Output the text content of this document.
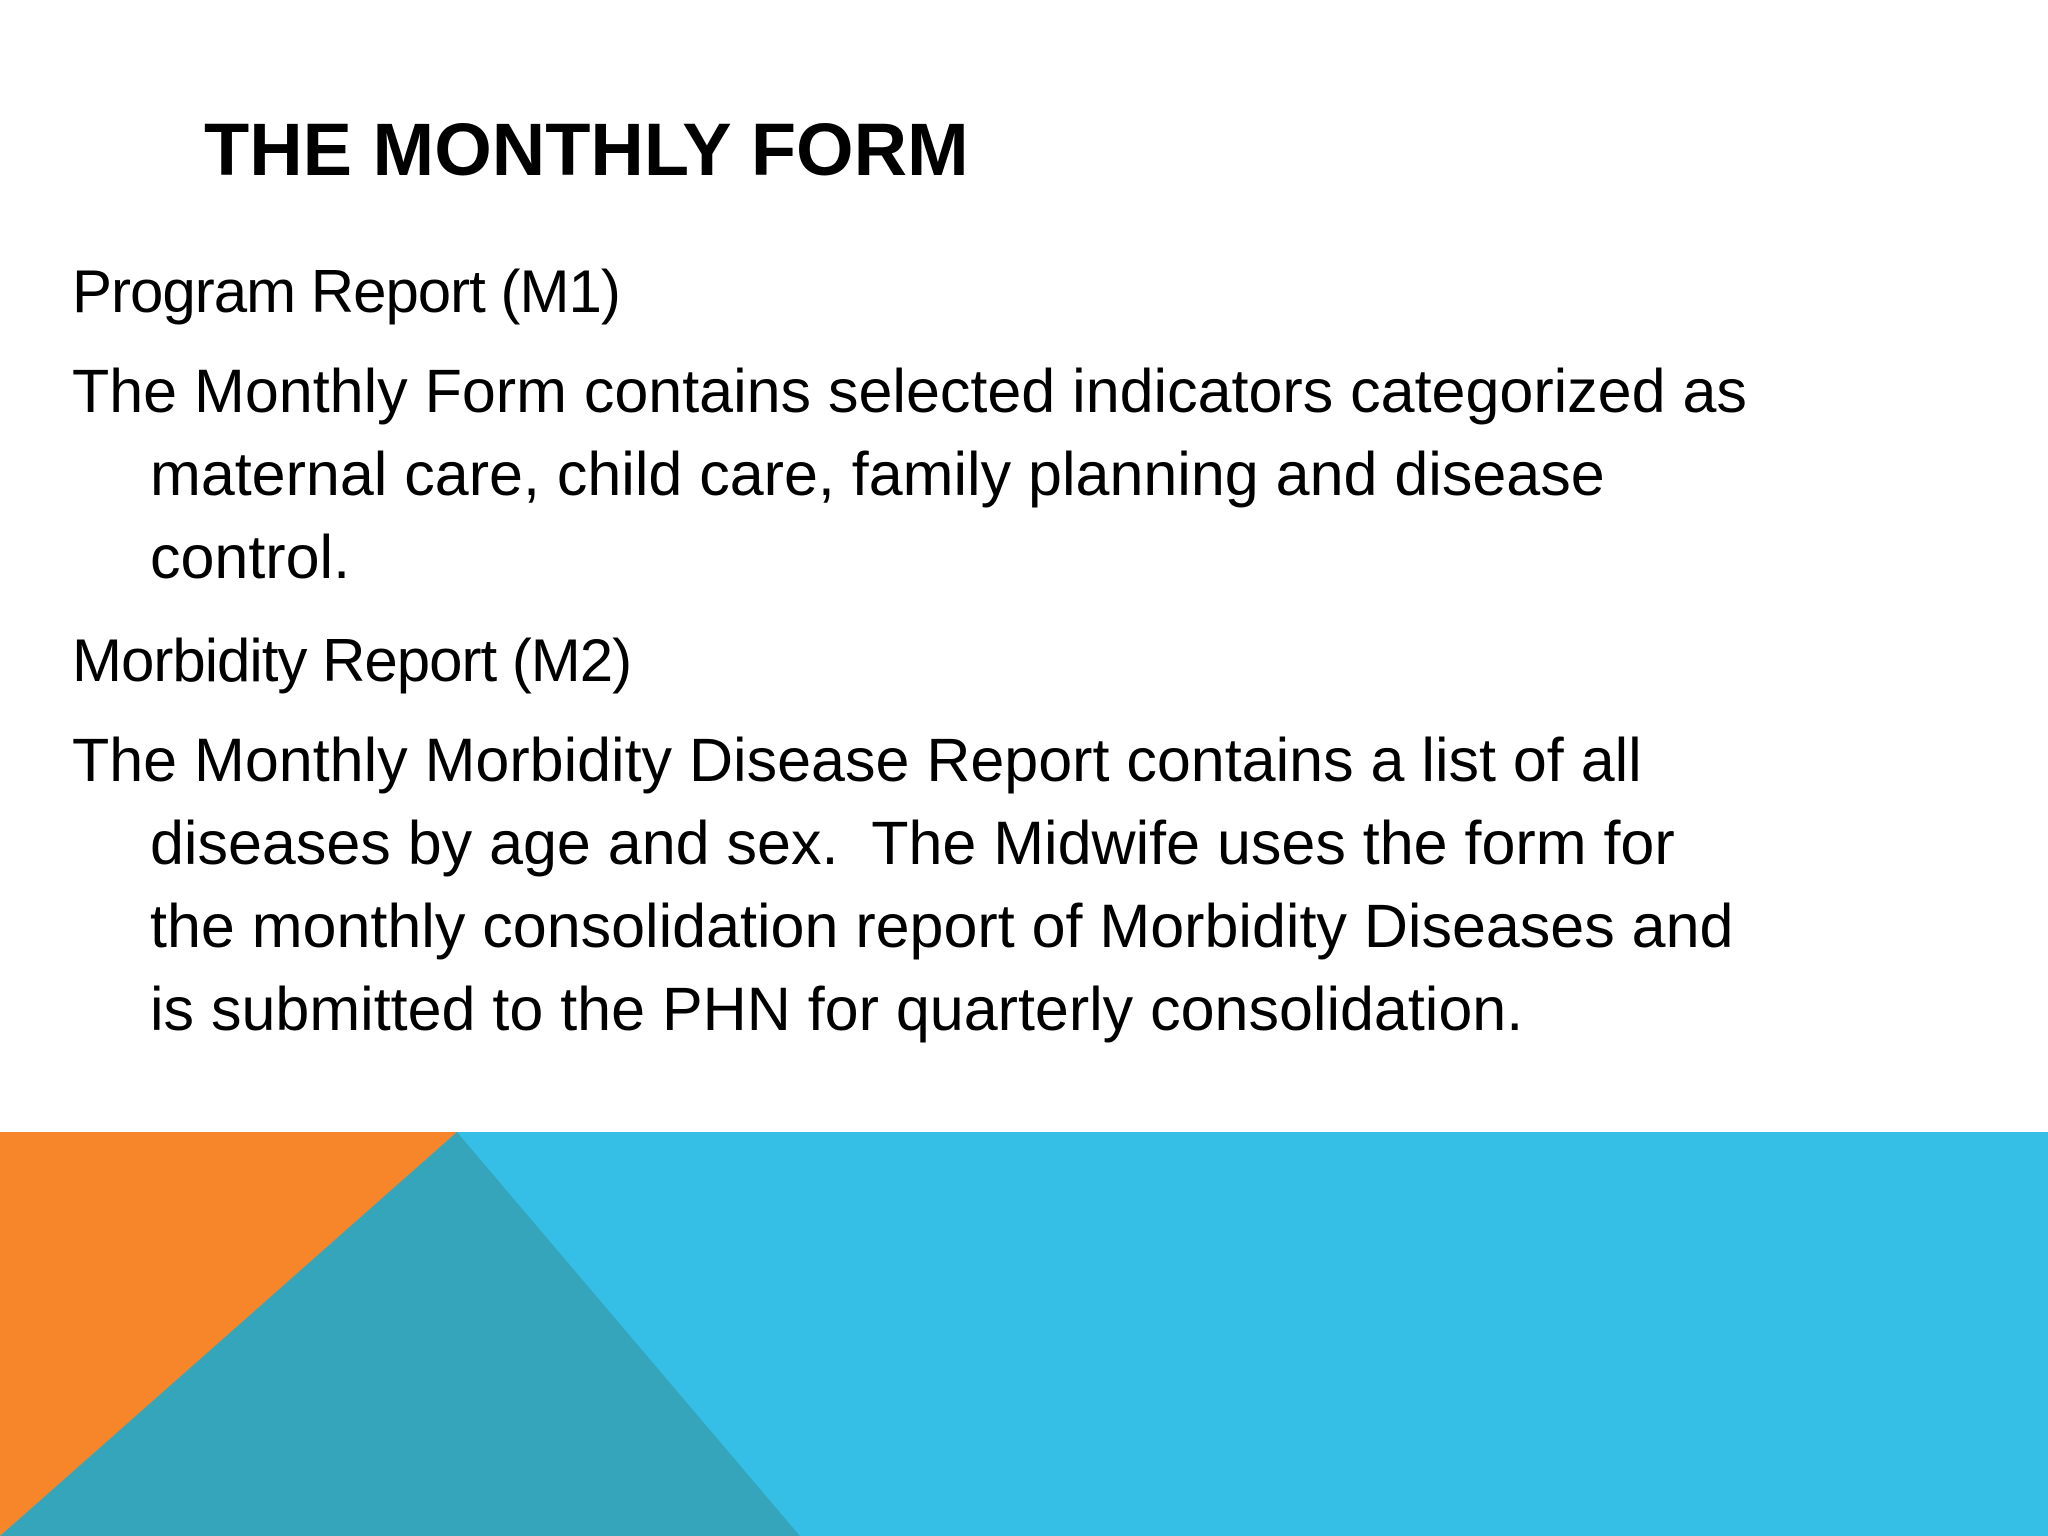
THE MONTHLY FORM
Program Report (M1)
The Monthly Form contains selected indicators categorized as
maternal care, child care, family planning and disease
control.
Morbidity Report (M2)
The Monthly Morbidity Disease Report contains a list of all
diseases by age and sex.  The Midwife uses the form for
the monthly consolidation report of Morbidity Diseases and
is submitted to the PHN for quarterly consolidation.
